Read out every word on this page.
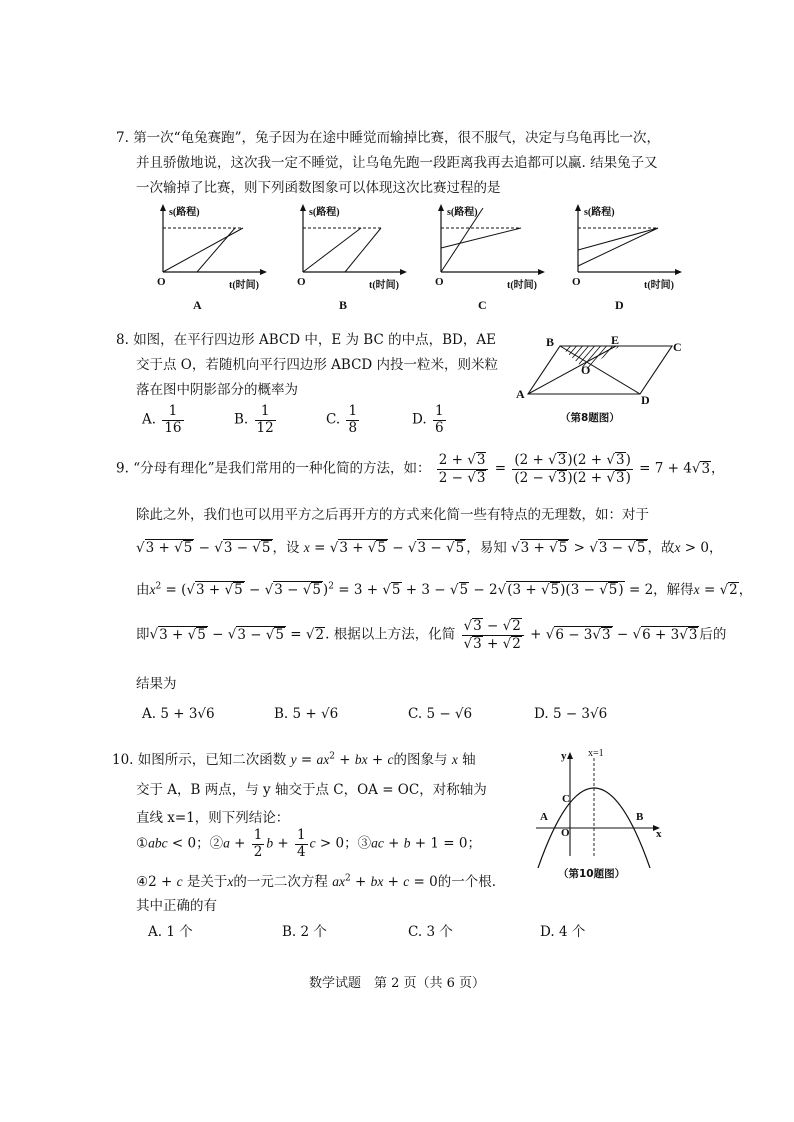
7. 第一次“龟兔赛跑”，兔子因为在途中睡觉而输掉比赛，很不服气，决定与乌龟再比一次，
并且骄傲地说，这次我一定不睡觉，让乌龟先跑一段距离我再去追都可以赢. 结果兔子又
一次输掉了比赛，则下列函数图象可以体现这次比赛过程的是
s(路程)
O	t(时间)
A
s(路程)
O	t(时间)
B
s(路程)
O	t(时间)
C
s(路程)
O	t(时间)
D
8. 如图，在平行四边形 ABCD 中，E 为 BC 的中点，BD，AE
交于点 O，若随机向平行四边形 ABCD 内投一粒米，则米粒
落在图中阴影部分的概率为
A. $\frac{1}{16}$	B. $\frac{1}{12}$	C. $\frac{1}{8}$	D. $\frac{1}{6}$
A
B	E	C
O
D
（第8题图）
9. “分母有理化”是我们常用的一种化简的方法，如： $\frac{2 + √3}{2 - √3} = \frac{(2 + √3)(2 + √3)}{(2 - √3)(2 + √3)} = 7 + 4√3$，
除此之外，我们也可以用平方之后再开方的方式来化简一些有特点的无理数，如：对于
√3 + √5 − √3 − √5 ，设 x = √3 + √5 − √3 − √5 ，易知 √3 + √5 > √3 − √5 ，故x > 0，
由$x^2 = (√3 + √5 - √3 - √5$ )$^2$ = 3 + √5 + 3 − √5 − 2√(3 + √5)(3 − √5) = 2，解得x = √2，
即√3 + √5 − √3 − √5 = √2. 根据以上方法，化简 $\frac{√3 - √2}{√3 + √2} + √6 - 3√3 - √6 + 3√3$ 后的
结果为
A. 5 + 3√6	B. 5 + √6	C. 5 − √6	D. 5 − 3√6
10. 如图所示，已知二次函数 $y = ax^2$ + bx + c的图象与 x 轴
交于 A，B 两点，与 y 轴交于点 C，OA = OC，对称轴为
直线 x=1，则下列结论：
①abc < 0；②a + $\frac{1}{2}$ $b + \frac{1}{4}$ c > 0；③ac + b + 1 = 0；
④2 + c 是关于x的一元二次方程 $ax^2$ + bx + c = 0的一个根.
其中正确的有
A. 1 个	B. 2 个	C. 3 个	D. 4 个
y x=1
C
A
O
B
x
（第10题图）
数学试题　第 2 页（共 6 页）
